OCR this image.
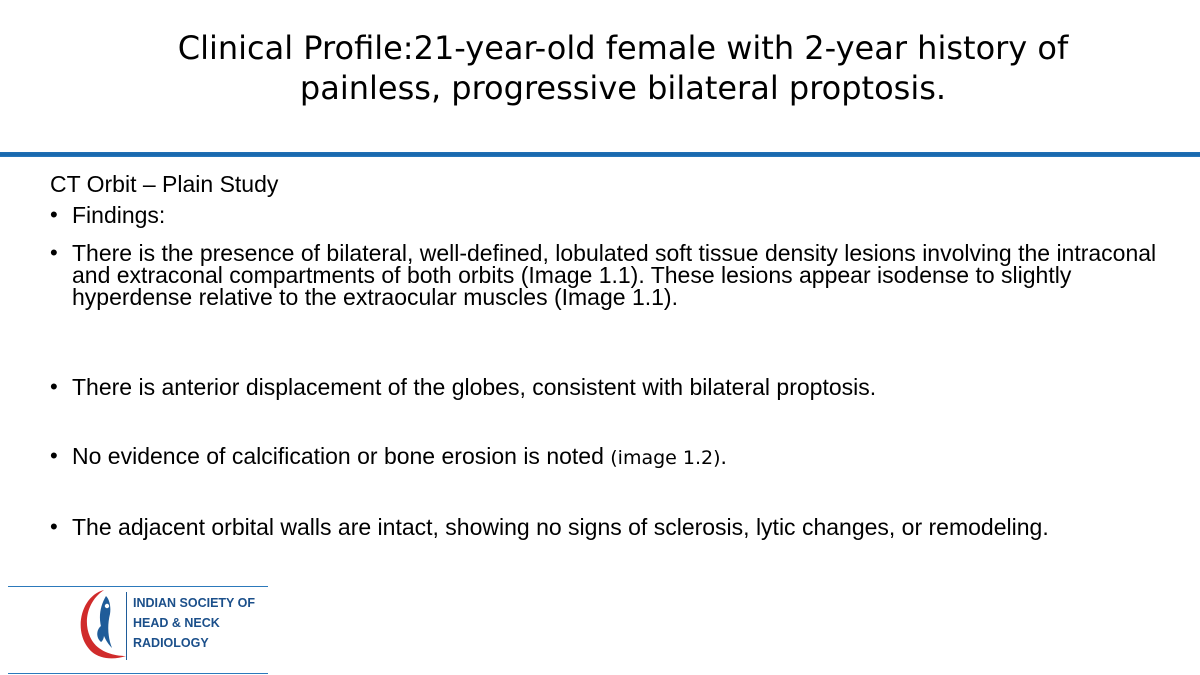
Clinical Profile:21-year-old female with 2-year history of
painless, progressive bilateral proptosis.
CT Orbit – Plain Study
• Findings:
• There is the presence of bilateral, well-defined, lobulated soft tissue density lesions involving the intraconal and extraconal compartments of both orbits (Image 1.1). These lesions appear isodense to slightly hyperdense relative to the extraocular muscles (Image 1.1).
• There is anterior displacement of the globes, consistent with bilateral proptosis.
• No evidence of calcification or bone erosion is noted (image 1.2).
• The adjacent orbital walls are intact, showing no signs of sclerosis, lytic changes, or remodeling.
INDIAN SOCIETY OF
HEAD & NECK
RADIOLOGY
